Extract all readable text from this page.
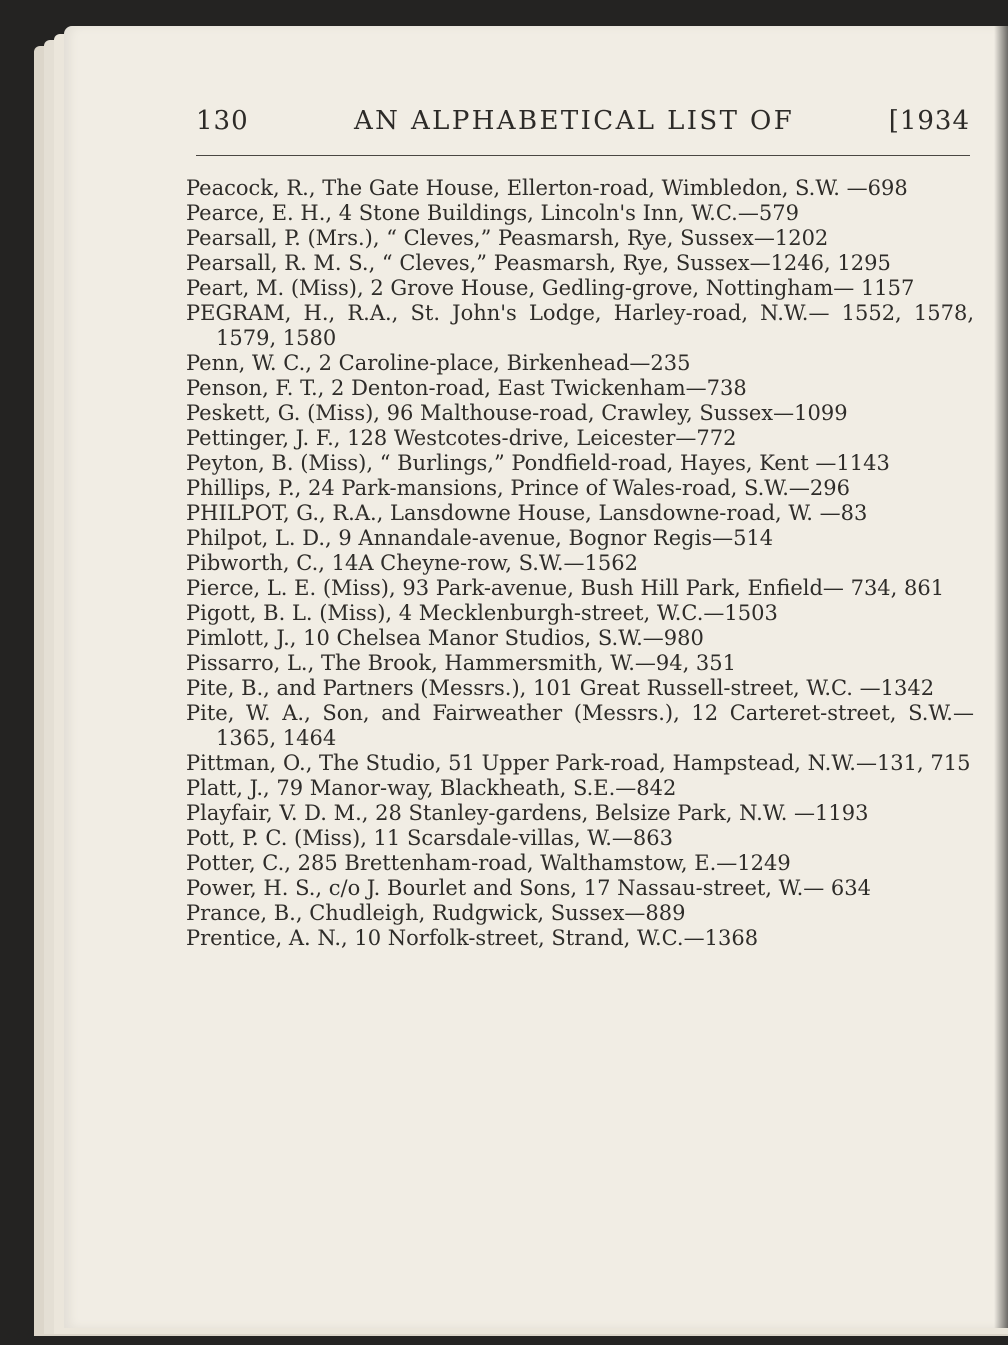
130	AN ALPHABETICAL LIST OF	[1934

Peacock, R., The Gate House, Ellerton-road, Wimbledon, S.W. —698

Pearce, E. H., 4 Stone Buildings, Lincoln's Inn, W.C.—579

Pearsall, P. (Mrs.), “ Cleves,” Peasmarsh, Rye, Sussex—1202

Pearsall, R. M. S., “ Cleves,” Peasmarsh, Rye, Sussex—1246, 1295

Peart, M. (Miss), 2 Grove House, Gedling-grove, Nottingham— 1157

PEGRAM, H., R.A., St. John's Lodge, Harley-road, N.W.— 1552, 1578, 1579, 1580

Penn, W. C., 2 Caroline-place, Birkenhead—235

Penson, F. T., 2 Denton-road, East Twickenham—738

Peskett, G. (Miss), 96 Malthouse-road, Crawley, Sussex—1099

Pettinger, J. F., 128 Westcotes-drive, Leicester—772

Peyton, B. (Miss), “ Burlings,” Pondfield-road, Hayes, Kent —1143

Phillips, P., 24 Park-mansions, Prince of Wales-road, S.W.—296

PHILPOT, G., R.A., Lansdowne House, Lansdowne-road, W. —83

Philpot, L. D., 9 Annandale-avenue, Bognor Regis—514

Pibworth, C., 14A Cheyne-row, S.W.—1562

Pierce, L. E. (Miss), 93 Park-avenue, Bush Hill Park, Enfield— 734, 861

Pigott, B. L. (Miss), 4 Mecklenburgh-street, W.C.—1503

Pimlott, J., 10 Chelsea Manor Studios, S.W.—980

Pissarro, L., The Brook, Hammersmith, W.—94, 351

Pite, B., and Partners (Messrs.), 101 Great Russell-street, W.C. —1342

Pite, W. A., Son, and Fairweather (Messrs.), 12 Carteret-street, S.W.—1365, 1464

Pittman, O., The Studio, 51 Upper Park-road, Hampstead, N.W.—131, 715

Platt, J., 79 Manor-way, Blackheath, S.E.—842

Playfair, V. D. M., 28 Stanley-gardens, Belsize Park, N.W. —1193

Pott, P. C. (Miss), 11 Scarsdale-villas, W.—863

Potter, C., 285 Brettenham-road, Walthamstow, E.—1249

Power, H. S., c/o J. Bourlet and Sons, 17 Nassau-street, W.— 634

Prance, B., Chudleigh, Rudgwick, Sussex—889

Prentice, A. N., 10 Norfolk-street, Strand, W.C.—1368
